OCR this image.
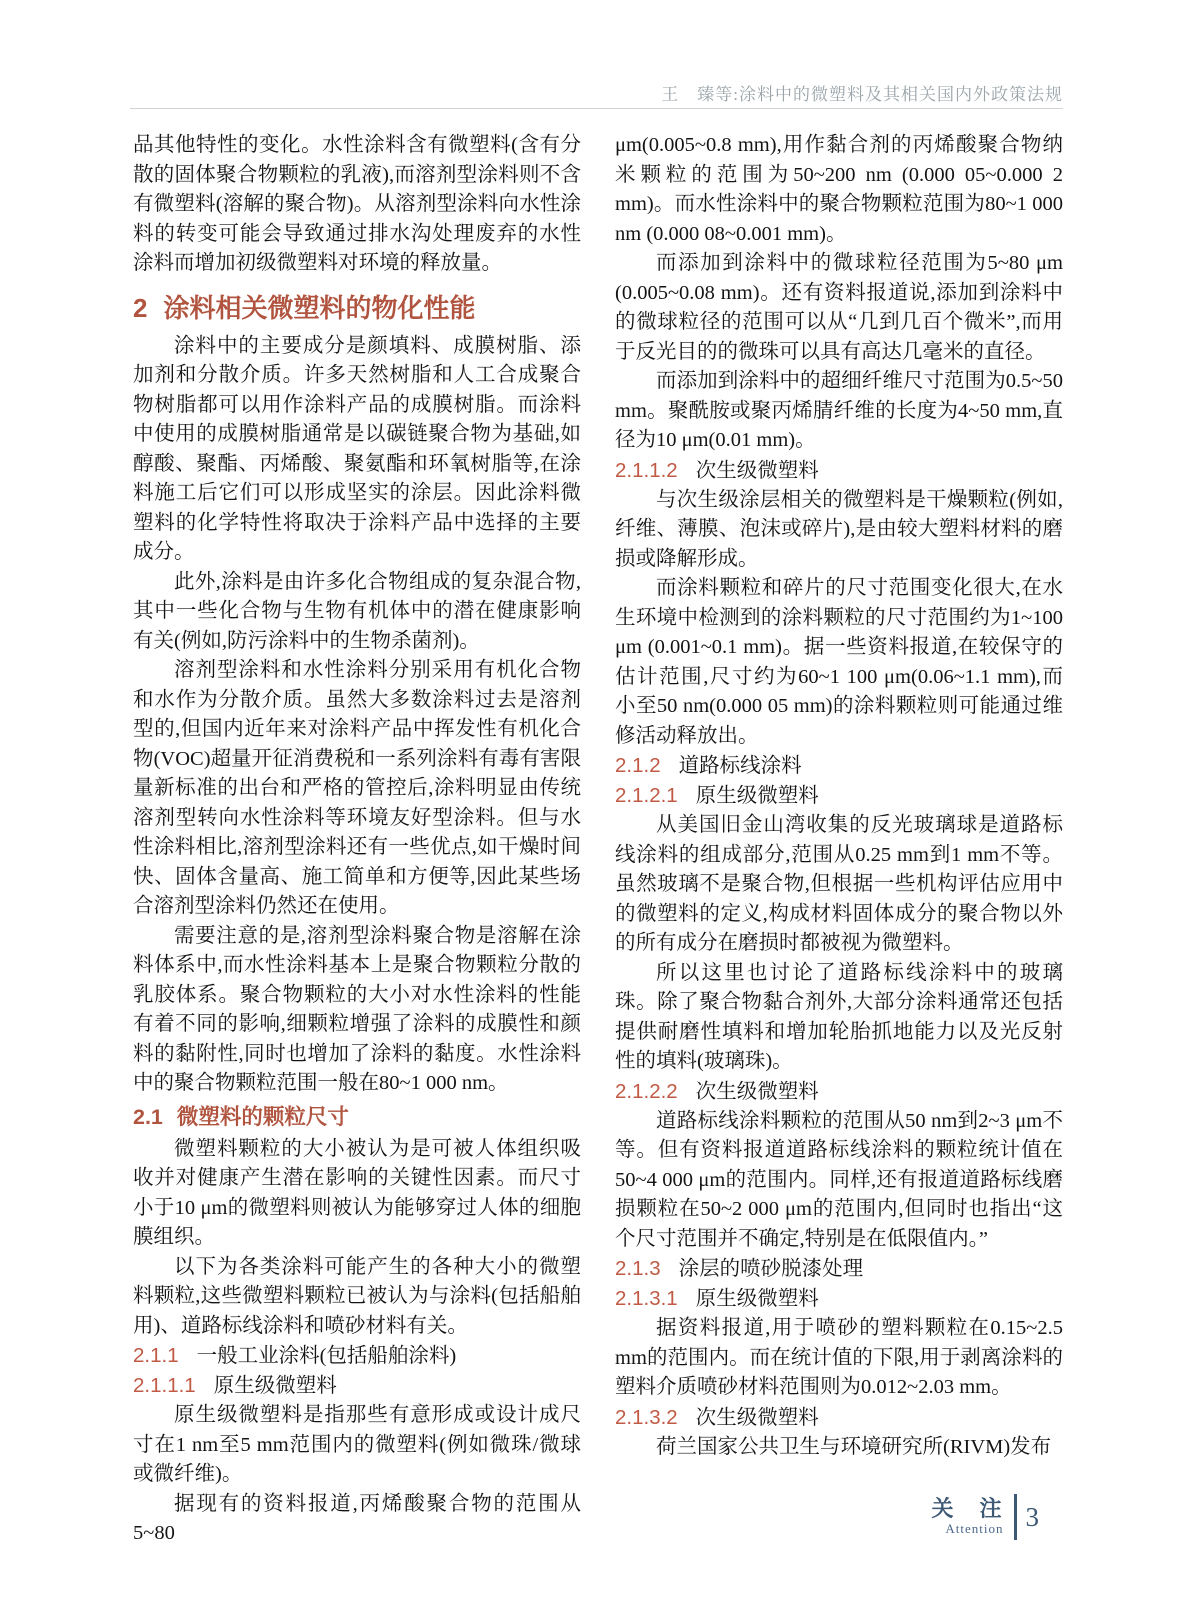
王　臻等:涂料中的微塑料及其相关国内外政策法规

品其他特性的变化。水性涂料含有微塑料(含有分散的固体聚合物颗粒的乳液),而溶剂型涂料则不含有微塑料(溶解的聚合物)。从溶剂型涂料向水性涂料的转变可能会导致通过排水沟处理废弃的水性涂料而增加初级微塑料对环境的释放量。

2 涂料相关微塑料的物化性能

涂料中的主要成分是颜填料、成膜树脂、添加剂和分散介质。许多天然树脂和人工合成聚合物树脂都可以用作涂料产品的成膜树脂。而涂料中使用的成膜树脂通常是以碳链聚合物为基础,如醇酸、聚酯、丙烯酸、聚氨酯和环氧树脂等,在涂料施工后它们可以形成坚实的涂层。因此涂料微塑料的化学特性将取决于涂料产品中选择的主要成分。

此外,涂料是由许多化合物组成的复杂混合物,其中一些化合物与生物有机体中的潜在健康影响有关(例如,防污涂料中的生物杀菌剂)。

溶剂型涂料和水性涂料分别采用有机化合物和水作为分散介质。虽然大多数涂料过去是溶剂型的,但国内近年来对涂料产品中挥发性有机化合物(VOC)超量开征消费税和一系列涂料有毒有害限量新标准的出台和严格的管控后,涂料明显由传统溶剂型转向水性涂料等环境友好型涂料。但与水性涂料相比,溶剂型涂料还有一些优点,如干燥时间快、固体含量高、施工简单和方便等,因此某些场合溶剂型涂料仍然还在使用。

需要注意的是,溶剂型涂料聚合物是溶解在涂料体系中,而水性涂料基本上是聚合物颗粒分散的乳胶体系。聚合物颗粒的大小对水性涂料的性能有着不同的影响,细颗粒增强了涂料的成膜性和颜料的黏附性,同时也增加了涂料的黏度。水性涂料中的聚合物颗粒范围一般在80~1 000 nm。

2.1 微塑料的颗粒尺寸

微塑料颗粒的大小被认为是可被人体组织吸收并对健康产生潜在影响的关键性因素。而尺寸小于10 μm的微塑料则被认为能够穿过人体的细胞膜组织。

以下为各类涂料可能产生的各种大小的微塑料颗粒,这些微塑料颗粒已被认为与涂料(包括船舶用)、道路标线涂料和喷砂材料有关。

2.1.1 一般工业涂料(包括船舶涂料)
2.1.1.1 原生级微塑料

原生级微塑料是指那些有意形成或设计成尺寸在1 nm至5 mm范围内的微塑料(例如微珠/微球或微纤维)。

据现有的资料报道,丙烯酸聚合物的范围从5~80

μm(0.005~0.8 mm),用作黏合剂的丙烯酸聚合物纳米颗粒的范围为50~200 nm (0.000 05~0.000 2 mm)。而水性涂料中的聚合物颗粒范围为80~1 000 nm (0.000 08~0.001 mm)。

而添加到涂料中的微球粒径范围为5~80 μm (0.005~0.08 mm)。还有资料报道说,添加到涂料中的微球粒径的范围可以从“几到几百个微米”,而用于反光目的的微珠可以具有高达几毫米的直径。

而添加到涂料中的超细纤维尺寸范围为0.5~50 mm。聚酰胺或聚丙烯腈纤维的长度为4~50 mm,直径为10 μm(0.01 mm)。

2.1.1.2 次生级微塑料

与次生级涂层相关的微塑料是干燥颗粒(例如,纤维、薄膜、泡沫或碎片),是由较大塑料材料的磨损或降解形成。

而涂料颗粒和碎片的尺寸范围变化很大,在水生环境中检测到的涂料颗粒的尺寸范围约为1~100 μm (0.001~0.1 mm)。据一些资料报道,在较保守的估计范围,尺寸约为60~1 100 μm(0.06~1.1 mm),而小至50 nm(0.000 05 mm)的涂料颗粒则可能通过维修活动释放出。

2.1.2 道路标线涂料
2.1.2.1 原生级微塑料

从美国旧金山湾收集的反光玻璃球是道路标线涂料的组成部分,范围从0.25 mm到1 mm不等。虽然玻璃不是聚合物,但根据一些机构评估应用中的微塑料的定义,构成材料固体成分的聚合物以外的所有成分在磨损时都被视为微塑料。

所以这里也讨论了道路标线涂料中的玻璃珠。除了聚合物黏合剂外,大部分涂料通常还包括提供耐磨性填料和增加轮胎抓地能力以及光反射性的填料(玻璃珠)。

2.1.2.2 次生级微塑料

道路标线涂料颗粒的范围从50 nm到2~3 μm不等。但有资料报道道路标线涂料的颗粒统计值在50~4 000 μm的范围内。同样,还有报道道路标线磨损颗粒在50~2 000 μm的范围内,但同时也指出“这个尺寸范围并不确定,特别是在低限值内。”

2.1.3 涂层的喷砂脱漆处理
2.1.3.1 原生级微塑料

据资料报道,用于喷砂的塑料颗粒在0.15~2.5 mm的范围内。而在统计值的下限,用于剥离涂料的塑料介质喷砂材料范围则为0.012~2.03 mm。

2.1.3.2 次生级微塑料

荷兰国家公共卫生与环境研究所(RIVM)发布

关　注
Attention 3
